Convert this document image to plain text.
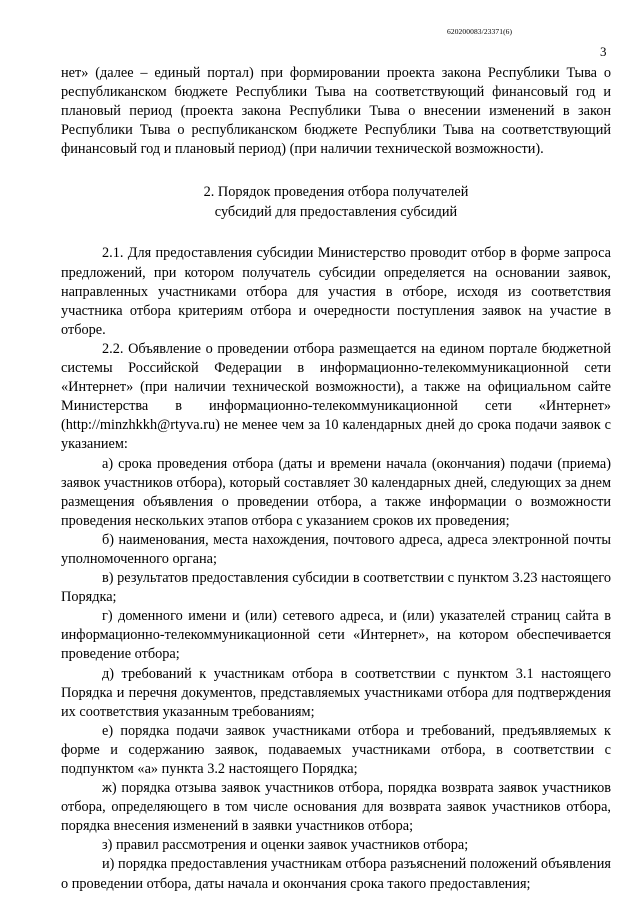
620200083/23371(6)
3

нет» (далее – единый портал) при формировании проекта закона Республики Тыва о республиканском бюджете Республики Тыва на соответствующий финансовый год и плановый период (проекта закона Республики Тыва о внесении изменений в закон Республики Тыва о республиканском бюджете Республики Тыва на соответствующий финансовый год и плановый период) (при наличии технической возможности).

2. Порядок проведения отбора получателей
субсидий для предоставления субсидий

2.1. Для предоставления субсидии Министерство проводит отбор в форме запроса предложений, при котором получатель субсидии определяется на основании заявок, направленных участниками отбора для участия в отборе, исходя из соответствия участника отбора критериям отбора и очередности поступления заявок на участие в отборе.

2.2. Объявление о проведении отбора размещается на едином портале бюджетной системы Российской Федерации в информационно-телекоммуникационной сети «Интернет» (при наличии технической возможности), а также на официальном сайте Министерства в информационно-телекоммуникационной сети «Интернет» (http://minzhkkh@rtyva.ru) не менее чем за 10 календарных дней до срока подачи заявок с указанием:

а) срока проведения отбора (даты и времени начала (окончания) подачи (приема) заявок участников отбора), который составляет 30 календарных дней, следующих за днем размещения объявления о проведении отбора, а также информации о возможности проведения нескольких этапов отбора с указанием сроков их проведения;

б) наименования, места нахождения, почтового адреса, адреса электронной почты уполномоченного органа;

в) результатов предоставления субсидии в соответствии с пунктом 3.23 настоящего Порядка;

г) доменного имени и (или) сетевого адреса, и (или) указателей страниц сайта в информационно-телекоммуникационной сети «Интернет», на котором обеспечивается проведение отбора;

д) требований к участникам отбора в соответствии с пунктом 3.1 настоящего Порядка и перечня документов, представляемых участниками отбора для подтверждения их соответствия указанным требованиям;

е) порядка подачи заявок участниками отбора и требований, предъявляемых к форме и содержанию заявок, подаваемых участниками отбора, в соответствии с подпунктом «а» пункта 3.2 настоящего Порядка;

ж) порядка отзыва заявок участников отбора, порядка возврата заявок участников отбора, определяющего в том числе основания для возврата заявок участников отбора, порядка внесения изменений в заявки участников отбора;

з) правил рассмотрения и оценки заявок участников отбора;

и) порядка предоставления участникам отбора разъяснений положений объявления о проведении отбора, даты начала и окончания срока такого предоставления;
